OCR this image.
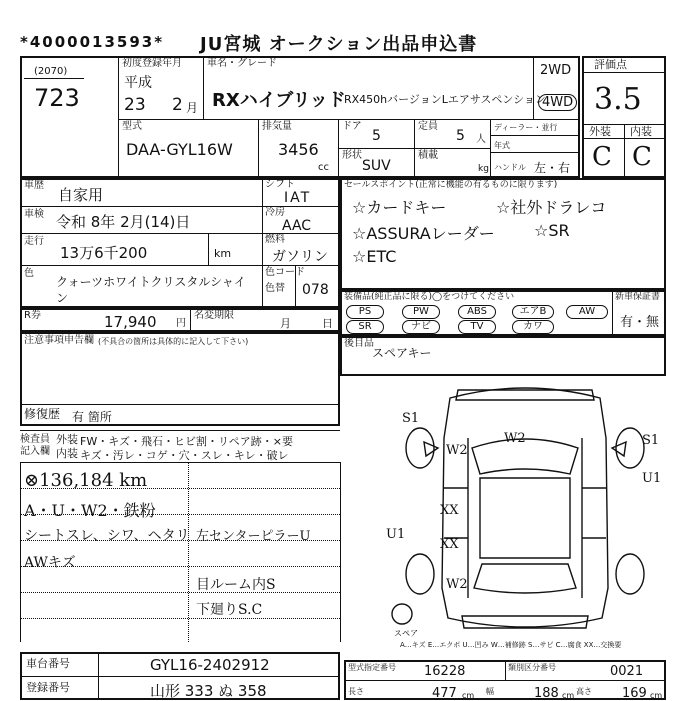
*4000013593* JU宮城 オークション出品申込書
(2070)
723
初度登録年月
平成
23 2 月
車名・グレード
RXハイブリッド
RX450hバージョンLエアサスペンション
2WD
4WD
型式
DAA-GYL16W
排気量
3456
cc
ドア
5
定員
5 人
形状
SUV
積載
kg
ディーラー・並行
年式
ハンドル 左・右
評価点
3.5
外装 内装
C C
車歴
自家用
車検 令和 8年 2月(14)日
走行
13万6千200	km
シフト
IAT
冷房
AAC
燃料
ガソリン
色
クォーツホワイトクリスタルシャイン
色コード
色替 078
セールスポイント(正常に機能の有るものに限ります)
☆カードキー	☆社外ドラレコ
☆ASSURAレーダー ☆SR
☆ETC
装備品(純正品に限る)◯をつけてください
PS	PW	ABS	エアB	AW
SR	ナビ	TV	カワ
新車保証書
有・無
R券	17,940 円
名変期限
月	日
注意事項申告欄 (不具合の箇所は具体的に記入して下さい)
修復歴 有 箇所
後目品
スペアキー
検査員記入欄
外装 FW・キズ・飛石・ヒビ割・リペア跡・×要
内装 キズ・汚レ・コゲ・穴・スレ・キレ・破レ
⊗136,184 km
A・U・W2・鉄粉
シートスレ、シワ、ヘタリ
AWキズ
左センターピラーU
目ルーム内S
下廻りS.C
S1
W2
W2	S1
U1
XX
XX
U1
W2
スペア
A…キズ E…エクボ U…凹み W…補修跡 S…サビ C…腐食 XX…交換要
車台番号	GYL16-2402912
登録番号	山形 333 ぬ 358
型式指定番号 16228	類別区分番号	0021
長さ	477 cm 幅	188 cm 高さ 169 cm
